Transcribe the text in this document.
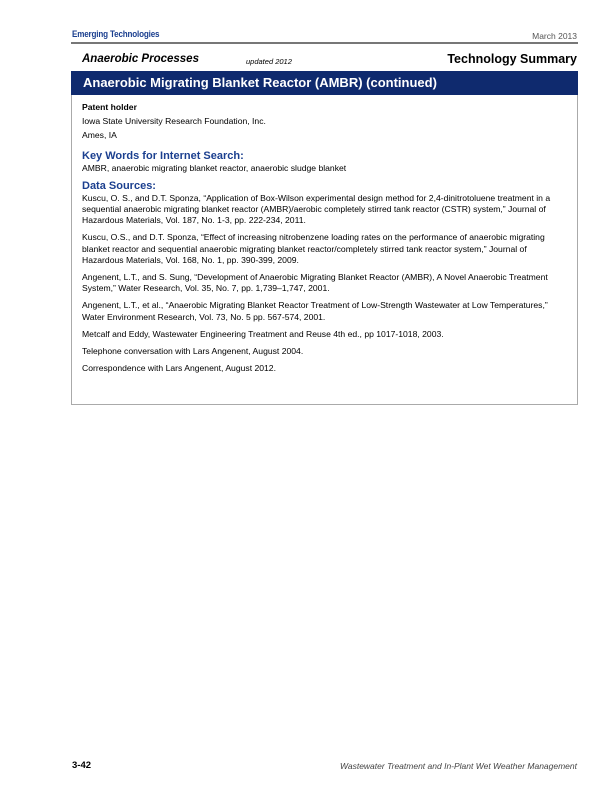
Emerging Technologies	March 2013
Anaerobic Processes	updated 2012	Technology Summary
Anaerobic Migrating Blanket Reactor (AMBR) (continued)
Patent holder
Iowa State University Research Foundation, Inc.
Ames, IA
Key Words for Internet Search:
AMBR, anaerobic migrating blanket reactor, anaerobic sludge blanket
Data Sources:

Kuscu, O. S., and D.T. Sponza, “Application of Box-Wilson experimental design method for 2,4-dinitrotoluene treatment in a sequential anaerobic migrating blanket reactor (AMBR)/aerobic completely stirred tank reactor (CSTR) system,” Journal of Hazardous Materials, Vol. 187, No. 1-3, pp. 222-234, 2011.

Kuscu, O.S., and D.T. Sponza, “Effect of increasing nitrobenzene loading rates on the performance of anaerobic migrating blanket reactor and sequential anaerobic migrating blanket reactor/completely stirred tank reactor system,” Journal of Hazardous Materials, Vol. 168, No. 1, pp. 390-399, 2009.

Angenent, L.T., and S. Sung, “Development of Anaerobic Migrating Blanket Reactor (AMBR), A Novel Anaerobic Treatment System,” Water Research, Vol. 35, No. 7, pp. 1,739–1,747, 2001.

Angenent, L.T., et al., “Anaerobic Migrating Blanket Reactor Treatment of Low-Strength Wastewater at Low Temperatures,” Water Environment Research, Vol. 73, No. 5 pp. 567-574, 2001.

Metcalf and Eddy, Wastewater Engineering Treatment and Reuse 4th ed., pp 1017-1018, 2003.

Telephone conversation with Lars Angenent, August 2004.

Correspondence with Lars Angenent, August 2012.

3-42	Wastewater Treatment and In-Plant Wet Weather Management
